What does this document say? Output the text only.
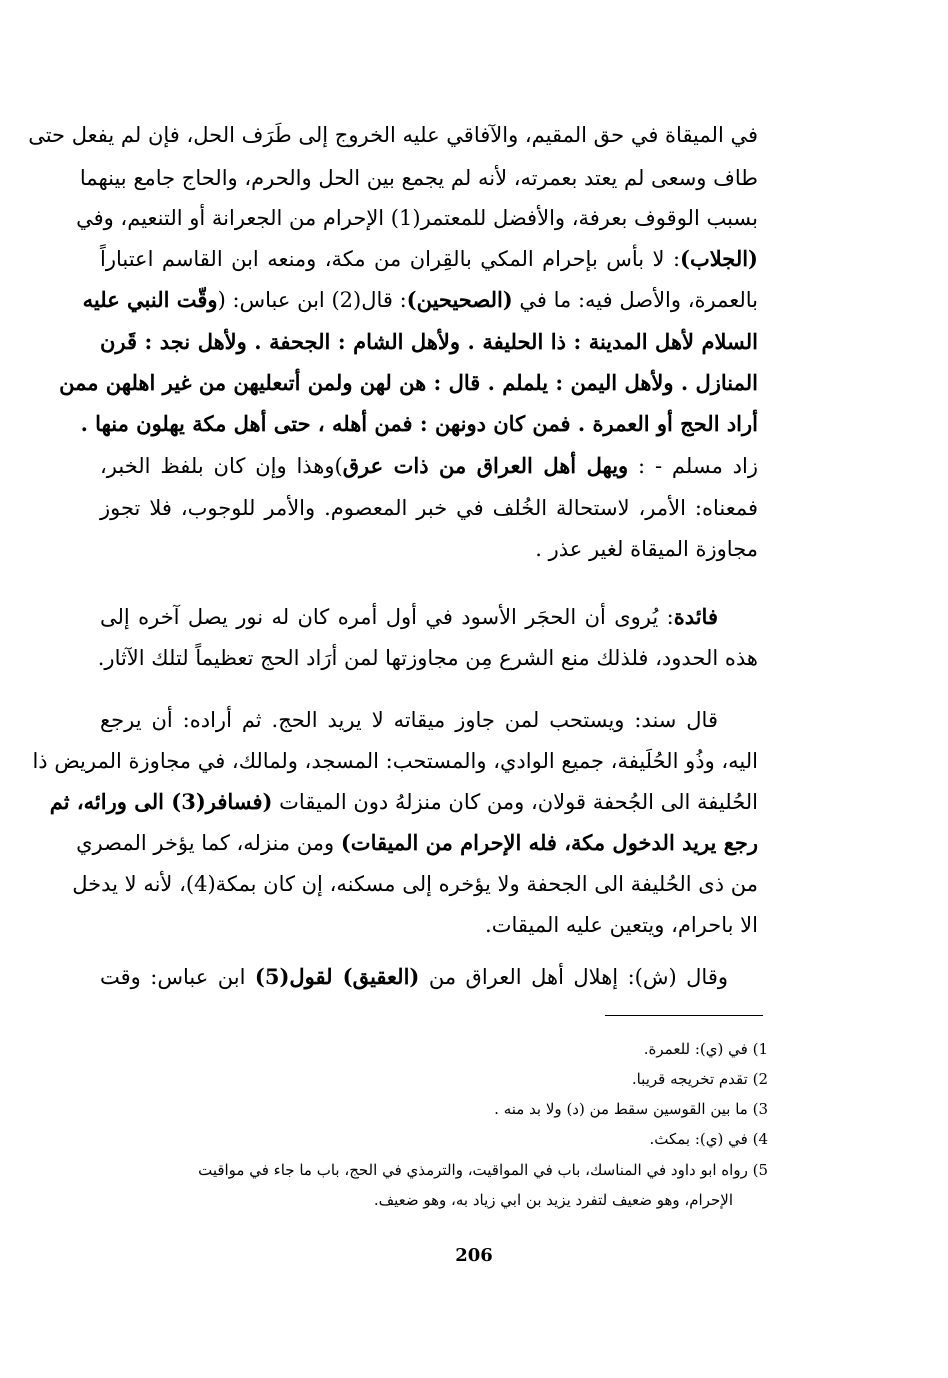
في الميقاة في حق المقيم، والآفاقي عليه الخروج إلى طَرَف الحل، فإن لم يفعل حتى
طاف وسعى لم يعتد بعمرته، لأنه لم يجمع بين الحل والحرم، والحاج جامع بينهما
بسبب الوقوف بعرفة، والأفضل للمعتمر(1) الإحرام من الجعرانة أو التنعيم، وفي
(الجلاب): لا بأس بإحرام المكي بالقِران من مكة، ومنعه ابن القاسم اعتباراً
بالعمرة، والأصل فيه: ما في (الصحيحين): قال(2) ابن عباس: (وقّت النبي عليه
السلام لأهل المدينة : ذا الحليفة . ولأهل الشام : الجحفة . ولأهل نجد : قَرن
المنازل . ولأهل اليمن : يلملم . قال : هن لهن ولمن أتىعليهن من غير اهلهن ممن
أراد الحج أو العمرة . فمن كان دونهن : فمن أهله ، حتى أهل مكة يهلون منها .
زاد مسلم - : ويهل أهل العراق من ذات عرق)وهذا وإن كان بلفظ الخبر،
فمعناه: الأمر، لاستحالة الخُلف في خبر المعصوم. والأمر للوجوب، فلا تجوز
مجاوزة الميقاة لغير عذر .
فائدة: يُروى أن الحجَر الأسود في أول أمره كان له نور يصل آخره إلى
هذه الحدود، فلذلك منع الشرع مِن مجاوزتها لمن أرَاد الحج تعظيماً لتلك الآثار.
قال سند: ويستحب لمن جاوز ميقاته لا يريد الحج. ثم أراده: أن يرجع
اليه، وذُو الحُلَيفة، جميع الوادي، والمستحب: المسجد، ولمالك، في مجاوزة المريض ذا
الحُليفة الى الجُحفة قولان، ومن كان منزلهُ دون الميقات (فسافر(3) الى ورائه، ثم
رجع يريد الدخول مكة، فله الإحرام من الميقات) ومن منزله، كما يؤخر المصري
من ذى الحُليفة الى الجحفة ولا يؤخره إلى مسكنه، إن كان بمكة(4)، لأنه لا يدخل
الا باحرام، ويتعين عليه الميقات.
وقال (ش): إهلال أهل العراق من (العقيق) لقول(5) ابن عباس: وقت
1) في (ي): للعمرة.
2) تقدم تخريجه قريبا.
3) ما بين القوسين سقط من (د) ولا بد منه .
4) في (ي): بمكث.
5) رواه ابو داود في المناسك، باب في المواقيت، والترمذي في الحج، باب ما جاء في مواقيت
الإحرام، وهو ضعيف لتفرد يزيد بن ابي زياد به، وهو ضعيف.
206
